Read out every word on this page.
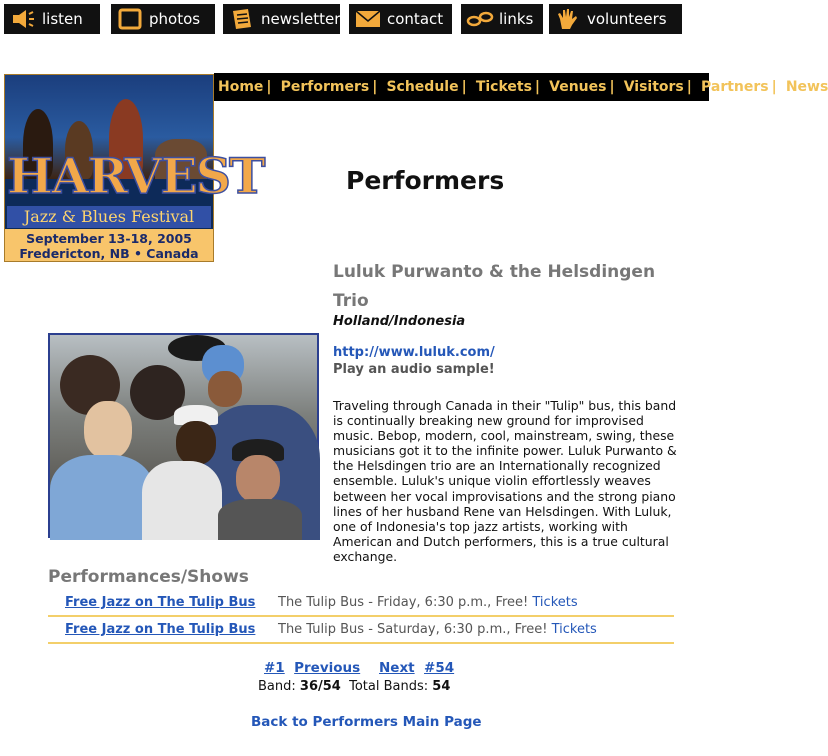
listen	photos	newsletter	contact	links	volunteers
HARVEST
Jazz & Blues Festival
September 13-18, 2005
Fredericton, NB • Canada
Home | Performers | Schedule | Tickets | Venues | Visitors | Partners | News
Performers
Luluk Purwanto & the Helsdingen Trio
Holland/Indonesia
http://www.luluk.com/
Play an audio sample!
Traveling through Canada in their "Tulip" bus, this band is continually breaking new ground for improvised music. Bebop, modern, cool, mainstream, swing, these musicians got it to the infinite power. Luluk Purwanto & the Helsdingen trio are an Internationally recognized ensemble. Luluk's unique violin effortlessly weaves between her vocal improvisations and the strong piano lines of her husband Rene van Helsdingen. With Luluk, one of Indonesia's top jazz artists, working with American and Dutch performers, this is a true cultural exchange.
Performances/Shows
Free Jazz on The Tulip Bus The Tulip Bus - Friday, 6:30 p.m., Free! Tickets
Free Jazz on The Tulip Bus The Tulip Bus - Saturday, 6:30 p.m., Free! Tickets
#1 Previous Next #54
Band: 36/54 Total Bands: 54
Back to Performers Main Page
